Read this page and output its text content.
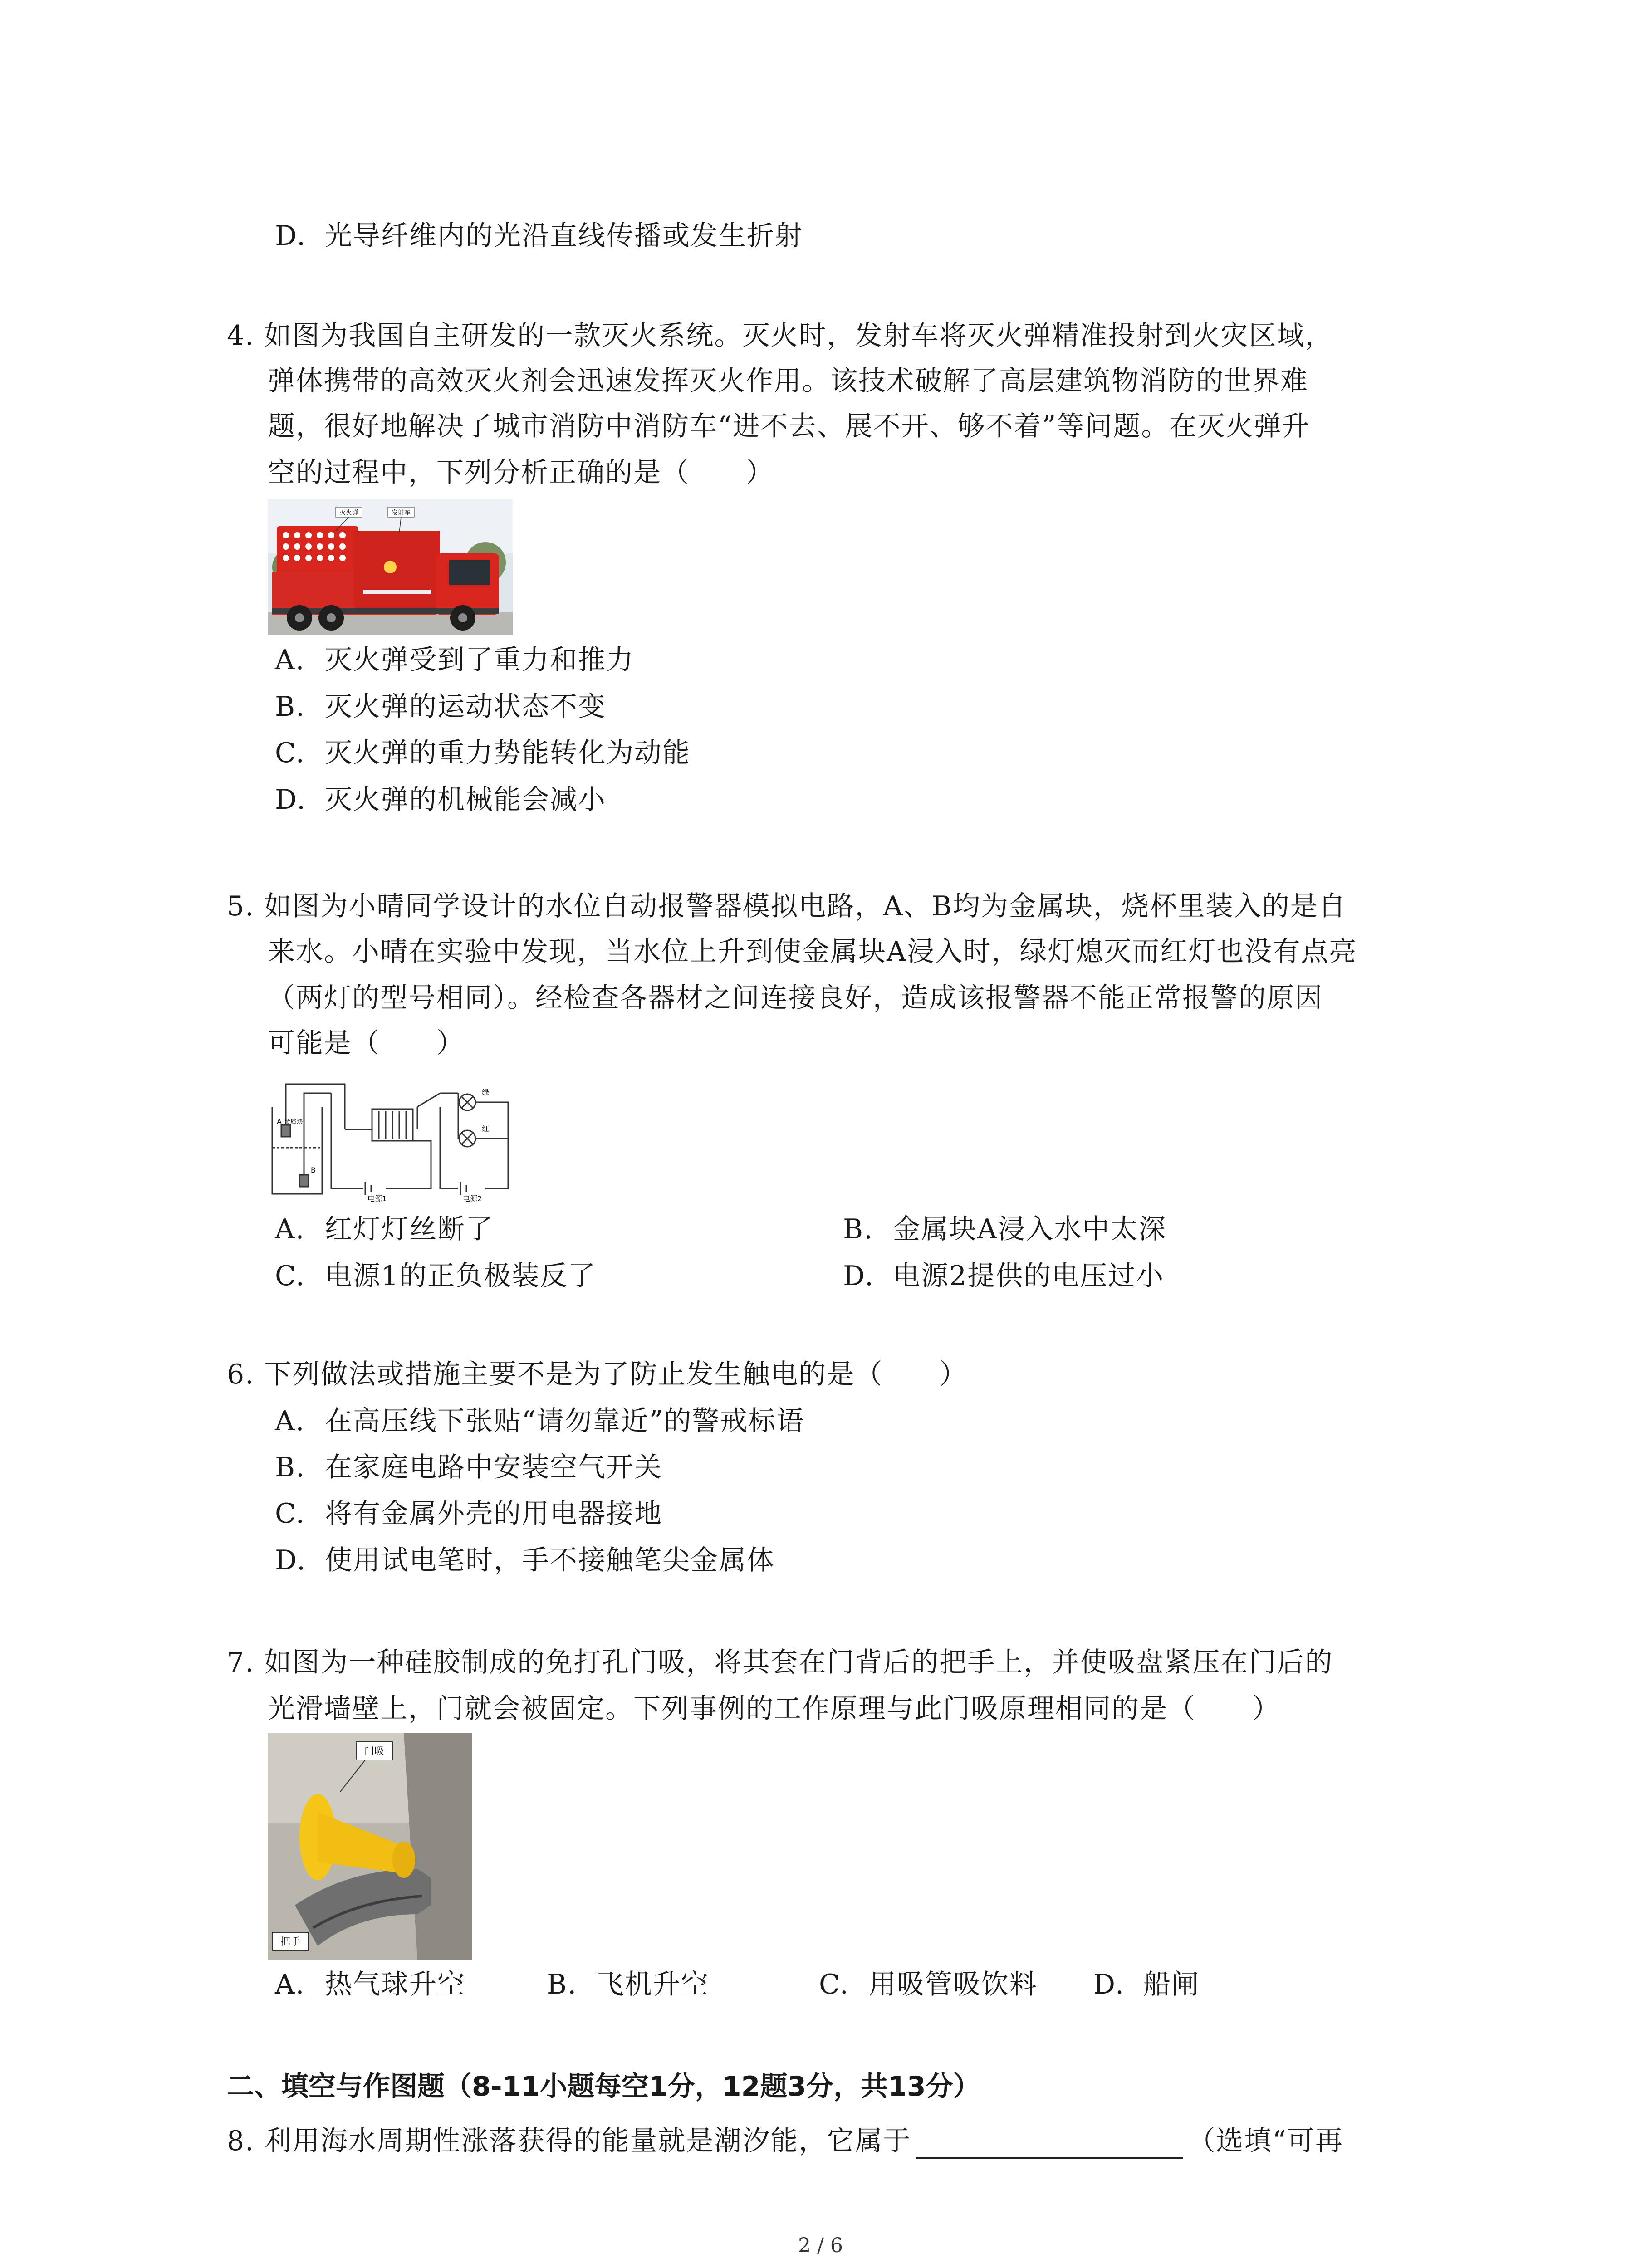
D. 光导纤维内的光沿直线传播或发生折射
4. 如图为我国自主研发的一款灭火系统。灭火时，发射车将灭火弹精准投射到火灾区域，
弹体携带的高效灭火剂会迅速发挥灭火作用。该技术破解了高层建筑物消防的世界难
题，很好地解决了城市消防中消防车“进不去、展不开、够不着”等问题。在灭火弹升
空的过程中，下列分析正确的是（　　）
灭火弹	发射车
A. 灭火弹受到了重力和推力
B. 灭火弹的运动状态不变
C. 灭火弹的重力势能转化为动能
D. 灭火弹的机械能会减小
5. 如图为小晴同学设计的水位自动报警器模拟电路，A、B均为金属块，烧杯里装入的是自
来水。小晴在实验中发现，当水位上升到使金属块A浸入时，绿灯熄灭而红灯也没有点亮
（两灯的型号相同）。经检查各器材之间连接良好，造成该报警器不能正常报警的原因
可能是（　　）
A 金属块
B
绿
红
电源1	电源2
A. 红灯灯丝断了	B. 金属块A浸入水中太深
C. 电源1的正负极装反了	D. 电源2提供的电压过小
6. 下列做法或措施主要不是为了防止发生触电的是（　　）
A. 在高压线下张贴“请勿靠近”的警戒标语
B. 在家庭电路中安装空气开关
C. 将有金属外壳的用电器接地
D. 使用试电笔时，手不接触笔尖金属体
7. 如图为一种硅胶制成的免打孔门吸，将其套在门背后的把手上，并使吸盘紧压在门后的
光滑墙壁上，门就会被固定。下列事例的工作原理与此门吸原理相同的是（　　）
门吸
把手
A. 热气球升空	B. 飞机升空	C. 用吸管吸饮料 D. 船闸
二、填空与作图题（8-11小题每空1分，12题3分，共13分）
8. 利用海水周期性涨落获得的能量就是潮汐能，它属于	（选填“可再
2 / 6
